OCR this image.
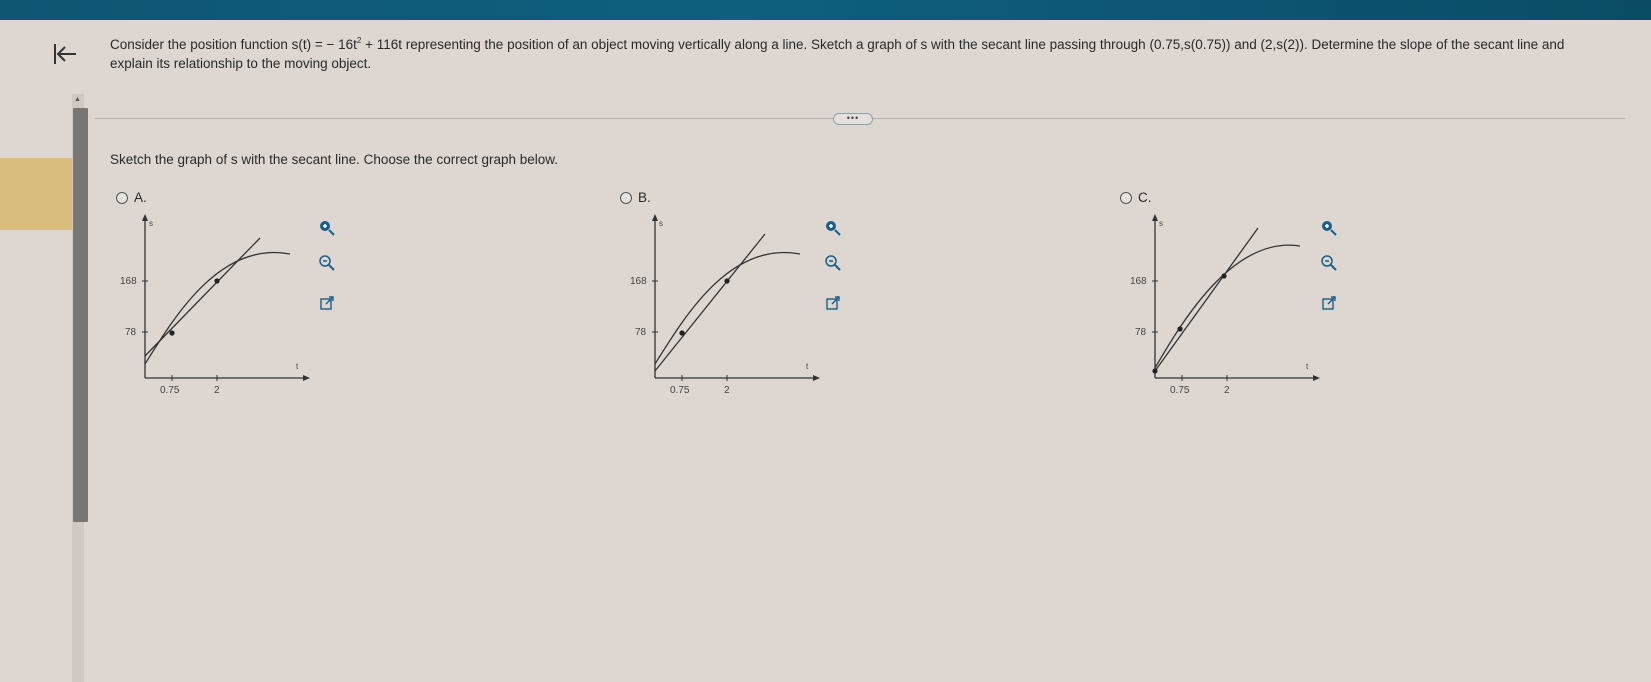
Consider the position function s(t) = − $16t^2 + 116t$ representing the position of an object moving vertically along a line. Sketch a graph of s with the secant line passing through (0.75,s(0.75)) and (2,s(2)). Determine the slope of the secant line and explain its relationship to the moving object.
•••
▲
Sketch the graph of s with the secant line. Choose the correct graph below.
A.
s
t
168
78
0.75	2
B.
s
t
168
78
0.75	2
C.
s
t
168
78
0.75	2
